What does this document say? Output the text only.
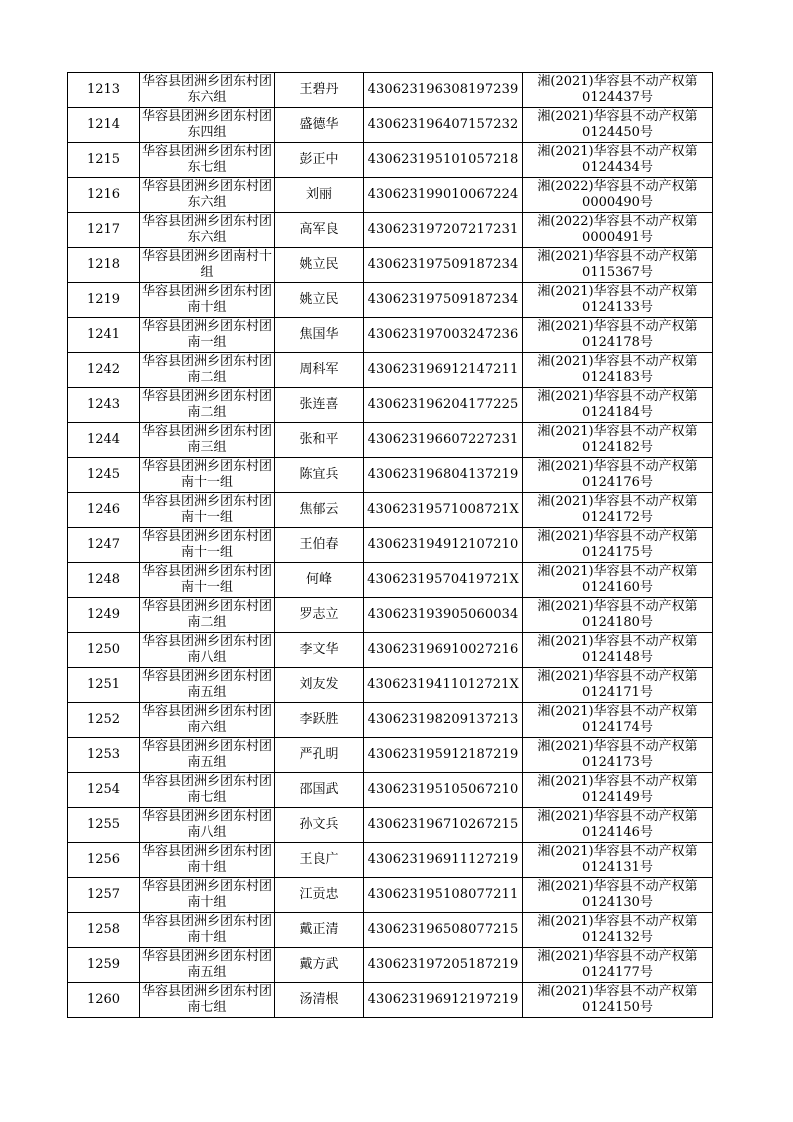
1213	华容县团洲乡团东村团东六组	王碧丹	430623196308197239	湘(2021)华容县不动产权第0124437号
1214	华容县团洲乡团东村团东四组	盛德华	430623196407157232	湘(2021)华容县不动产权第0124450号
1215	华容县团洲乡团东村团东七组	彭正中	430623195101057218	湘(2021)华容县不动产权第0124434号
1216	华容县团洲乡团东村团东六组	刘丽	430623199010067224	湘(2022)华容县不动产权第0000490号
1217	华容县团洲乡团东村团东六组	高军良	430623197207217231	湘(2022)华容县不动产权第0000491号
1218	华容县团洲乡团南村十组	姚立民	430623197509187234	湘(2021)华容县不动产权第0115367号
1219	华容县团洲乡团东村团南十组	姚立民	430623197509187234	湘(2021)华容县不动产权第0124133号
1241	华容县团洲乡团东村团南一组	焦国华	430623197003247236	湘(2021)华容县不动产权第0124178号
1242	华容县团洲乡团东村团南二组	周科军	430623196912147211	湘(2021)华容县不动产权第0124183号
1243	华容县团洲乡团东村团南二组	张连喜	430623196204177225	湘(2021)华容县不动产权第0124184号
1244	华容县团洲乡团东村团南三组	张和平	430623196607227231	湘(2021)华容县不动产权第0124182号
1245	华容县团洲乡团东村团南十一组	陈宜兵	430623196804137219	湘(2021)华容县不动产权第0124176号
1246	华容县团洲乡团东村团南十一组	焦郁云	43062319571008721X	湘(2021)华容县不动产权第0124172号
1247	华容县团洲乡团东村团南十一组	王伯春	430623194912107210	湘(2021)华容县不动产权第0124175号
1248	华容县团洲乡团东村团南十一组	何峰	43062319570419721X	湘(2021)华容县不动产权第0124160号
1249	华容县团洲乡团东村团南二组	罗志立	430623193905060034	湘(2021)华容县不动产权第0124180号
1250	华容县团洲乡团东村团南八组	李文华	430623196910027216	湘(2021)华容县不动产权第0124148号
1251	华容县团洲乡团东村团南五组	刘友发	43062319411012721X	湘(2021)华容县不动产权第0124171号
1252	华容县团洲乡团东村团南六组	李跃胜	430623198209137213	湘(2021)华容县不动产权第0124174号
1253	华容县团洲乡团东村团南五组	严孔明	430623195912187219	湘(2021)华容县不动产权第0124173号
1254	华容县团洲乡团东村团南七组	邵国武	430623195105067210	湘(2021)华容县不动产权第0124149号
1255	华容县团洲乡团东村团南八组	孙文兵	430623196710267215	湘(2021)华容县不动产权第0124146号
1256	华容县团洲乡团东村团南十组	王良广	430623196911127219	湘(2021)华容县不动产权第0124131号
1257	华容县团洲乡团东村团南十组	江贡忠	430623195108077211	湘(2021)华容县不动产权第0124130号
1258	华容县团洲乡团东村团南十组	戴正清	430623196508077215	湘(2021)华容县不动产权第0124132号
1259	华容县团洲乡团东村团南五组	戴方武	430623197205187219	湘(2021)华容县不动产权第0124177号
1260	华容县团洲乡团东村团南七组	汤清根	430623196912197219	湘(2021)华容县不动产权第0124150号
